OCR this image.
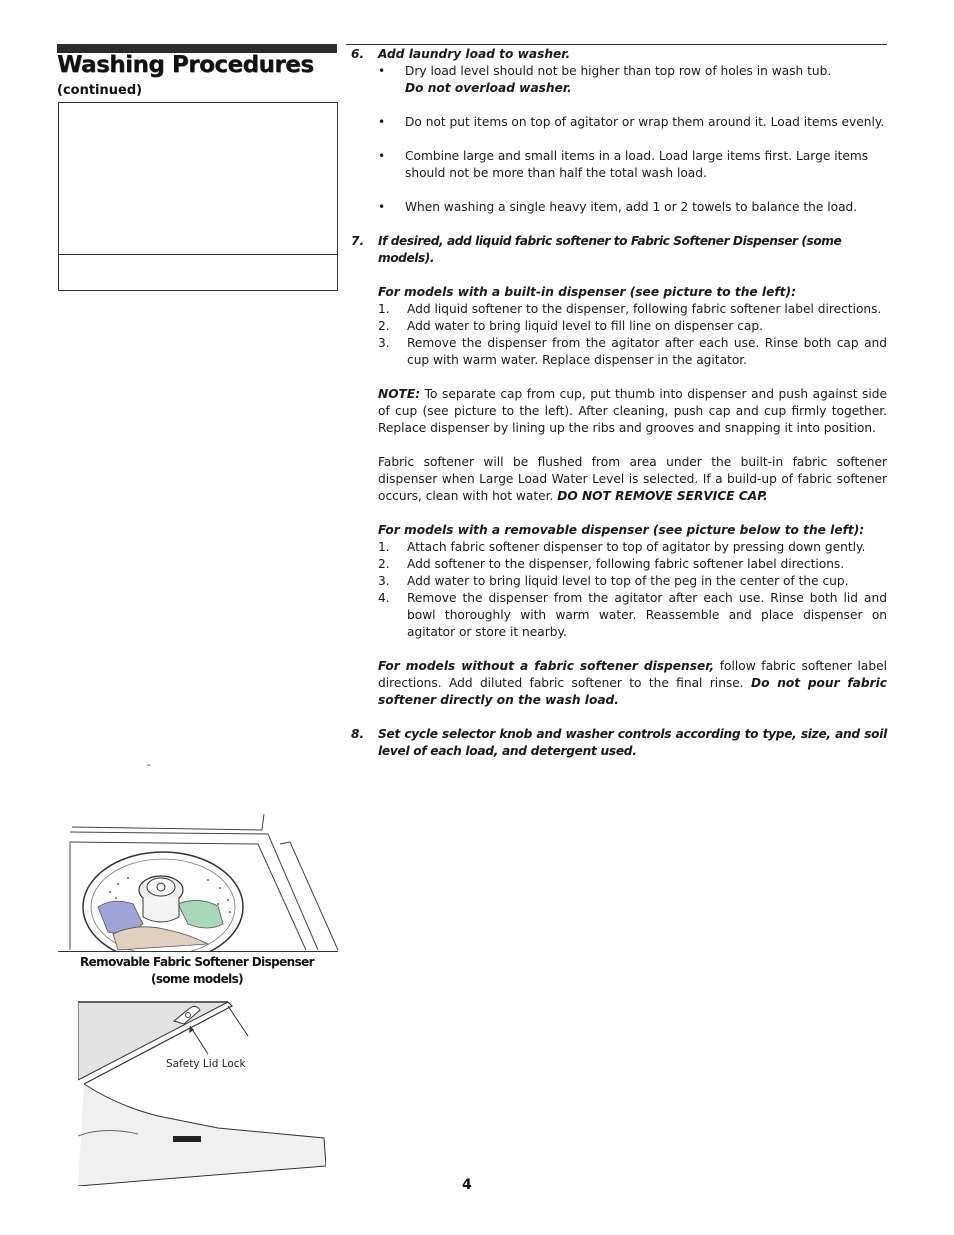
Washing Procedures
(continued)
-
Removable Fabric Softener Dispenser
(some models)
Safety Lid Lock
6. Add laundry load to washer.
• Dry load level should not be higher than top row of holes in wash tub.
Do not overload washer.
• Do not put items on top of agitator or wrap them around it. Load items evenly.
• Combine large and small items in a load. Load large items first. Large items should not be more than half the total wash load.
• When washing a single heavy item, add 1 or 2 towels to balance the load.
7. If desired, add liquid fabric softener to Fabric Softener Dispenser (some models).
For models with a built-in dispenser (see picture to the left):
1. Add liquid softener to the dispenser, following fabric softener label directions.
2. Add water to bring liquid level to fill line on dispenser cap.
3. Remove the dispenser from the agitator after each use. Rinse both cap and cup with warm water. Replace dispenser in the agitator.
NOTE: To separate cap from cup, put thumb into dispenser and push against side of cup (see picture to the left). After cleaning, push cap and cup firmly together. Replace dispenser by lining up the ribs and grooves and snapping it into position.
Fabric softener will be flushed from area under the built-in fabric softener dispenser when Large Load Water Level is selected. If a build-up of fabric softener occurs, clean with hot water. DO NOT REMOVE SERVICE CAP.
For models with a removable dispenser (see picture below to the left):
1. Attach fabric softener dispenser to top of agitator by pressing down gently.
2. Add softener to the dispenser, following fabric softener label directions.
3. Add water to bring liquid level to top of the peg in the center of the cup.
4. Remove the dispenser from the agitator after each use. Rinse both lid and bowl thoroughly with warm water. Reassemble and place dispenser on agitator or store it nearby.
For models without a fabric softener dispenser, follow fabric softener label directions. Add diluted fabric softener to the final rinse. Do not pour fabric softener directly on the wash load.
8. Set cycle selector knob and washer controls according to type, size, and soil level of each load, and detergent used.
4
